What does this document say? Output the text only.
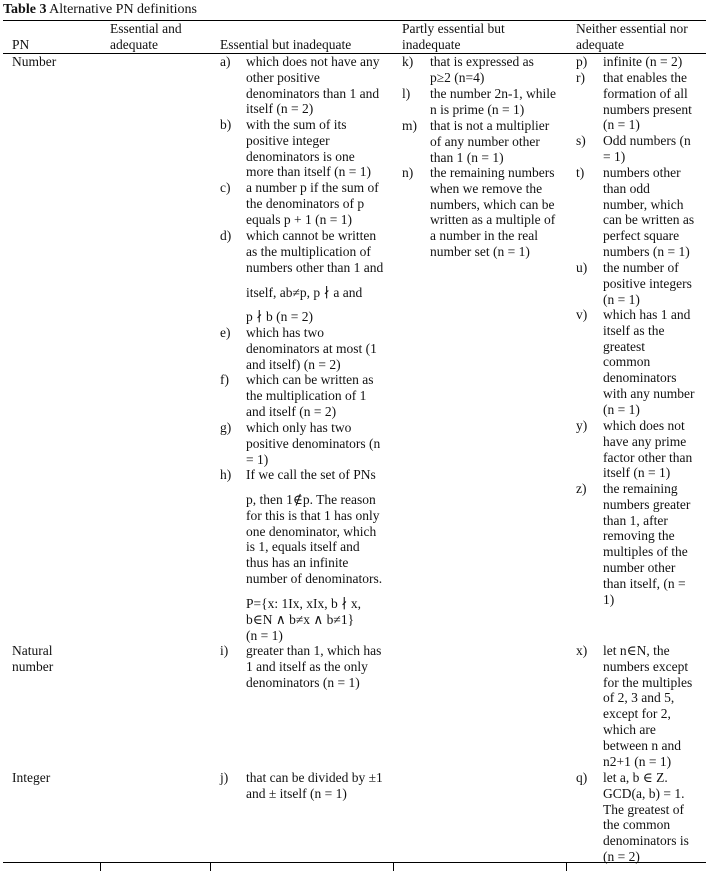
Table 3 Alternative PN definitions
PN
Essential and
adequate	Essential but inadequate
Partly essential but
inadequate
Neither essential nor
adequate
Number
Natural
number
Integer
a) which does not have any
other positive
denominators than 1 and
itself (n = 2)
b) with the sum of its
positive integer
denominators is one
more than itself (n = 1)
c) a number p if the sum of
the denominators of p
equals p + 1 (n = 1)
d) which cannot be written
as the multiplication of
numbers other than 1 and
itself, ab≠p, p ∤ a and
p ∤ b (n = 2)
e) which has two
denominators at most (1
and itself) (n = 2)
f) which can be written as
the multiplication of 1
and itself (n = 2)
g) which only has two
positive denominators (n
= 1)
h) If we call the set of PNs
p, then 1∉p. The reason
for this is that 1 has only
one denominator, which
is 1, equals itself and
thus has an infinite
number of denominators.
P={x: 1Ix, xIx, b ∤ x,
b∈N ∧ b≠x ∧ b≠1}
(n = 1)
i) greater than 1, which has
1 and itself as the only
denominators (n = 1)
j) that can be divided by ±1
and ± itself (n = 1)
k) that is expressed as
p≥2 (n=4)
l) the number 2n-1, while
n is prime (n = 1)
m) that is not a multiplier
of any number other
than 1 (n = 1)
n) the remaining numbers
when we remove the
numbers, which can be
written as a multiple of
a number in the real
number set (n = 1)
p) infinite (n = 2)
r) that enables the
formation of all
numbers present
(n = 1)
s) Odd numbers (n
= 1)
t) numbers other
than odd
number, which
can be written as
perfect square
numbers (n = 1)
u) the number of
positive integers
(n = 1)
v) which has 1 and
itself as the
greatest
common
denominators
with any number
(n = 1)
y) which does not
have any prime
factor other than
itself (n = 1)
z) the remaining
numbers greater
than 1, after
removing the
multiples of the
number other
than itself, (n =
1)
x) let n∈N, the
numbers except
for the multiples
of 2, 3 and 5,
except for 2,
which are
between n and
n2+1 (n = 1)
q) let a, b ∈ Z.
GCD(a, b) = 1.
The greatest of
the common
denominators is
(n = 2)
